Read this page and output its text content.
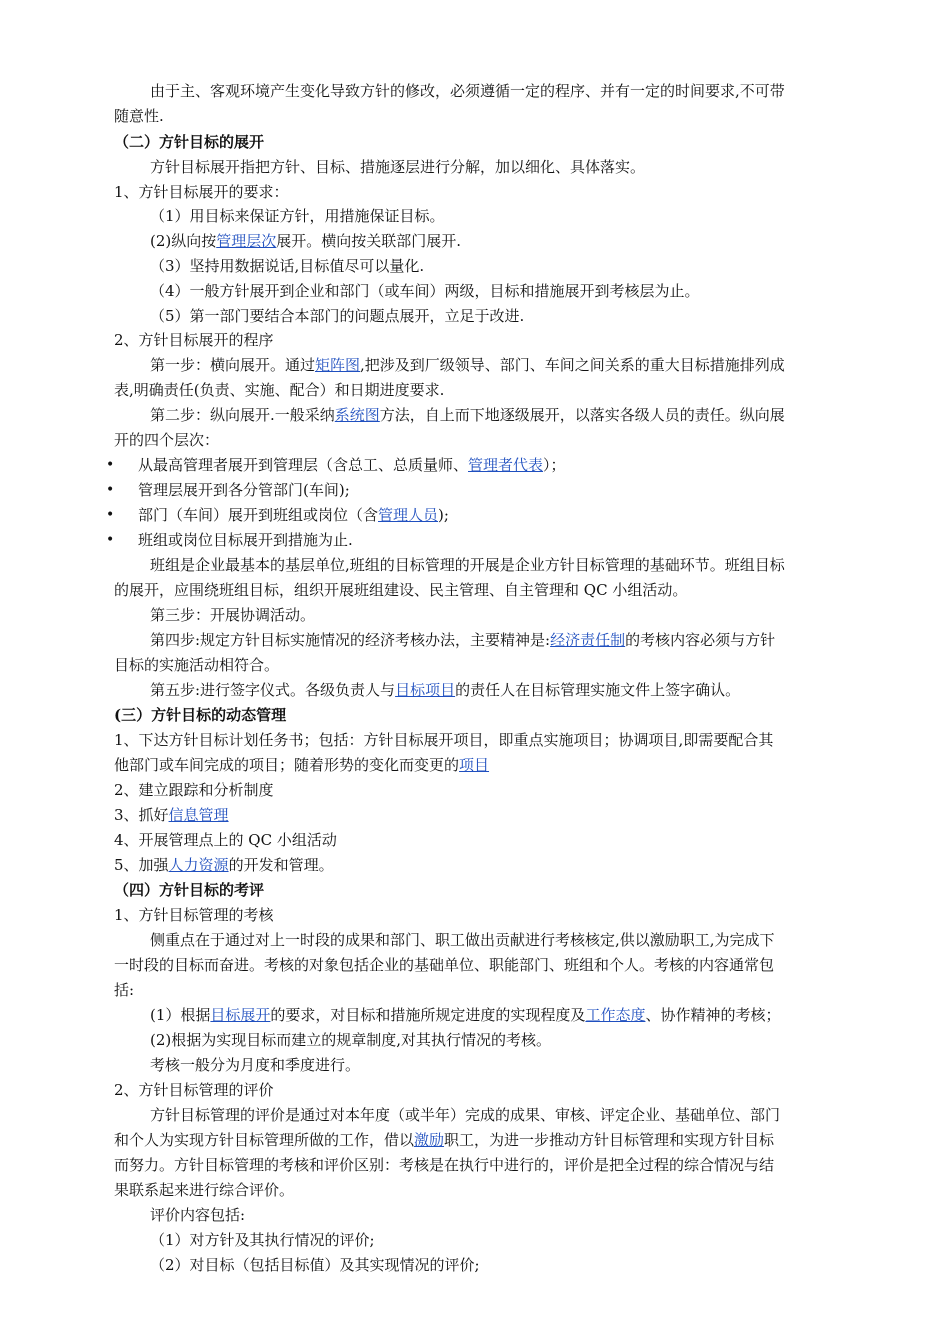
由于主、客观环境产生变化导致方针的修改，必须遵循一定的程序、并有一定的时间要求,不可带
随意性.
（二）方针目标的展开
方针目标展开指把方针、目标、措施逐层进行分解，加以细化、具体落实。
1、方针目标展开的要求：
（1）用目标来保证方针，用措施保证目标。
(2)纵向按管理层次展开。横向按关联部门展开.
（3）坚持用数据说话,目标值尽可以量化.
（4）一般方针展开到企业和部门（或车间）两级，目标和措施展开到考核层为止。
（5）第一部门要结合本部门的问题点展开，立足于改进.
2、方针目标展开的程序
第一步：横向展开。通过矩阵图,把涉及到厂级领导、部门、车间之间关系的重大目标措施排列成
表,明确责任(负责、实施、配合）和日期进度要求.
第二步：纵向展开.一般采纳系统图方法，自上而下地逐级展开，以落实各级人员的责任。纵向展
开的四个层次：
• 从最高管理者展开到管理层（含总工、总质量师、管理者代表）；
• 管理层展开到各分管部门(车间);
• 部门（车间）展开到班组或岗位（含管理人员);
• 班组或岗位目标展开到措施为止.
班组是企业最基本的基层单位,班组的目标管理的开展是企业方针目标管理的基础环节。班组目标
的展开，应围绕班组目标，组织开展班组建设、民主管理、自主管理和 QC 小组活动。
第三步：开展协调活动。
第四步:规定方针目标实施情况的经济考核办法，主要精神是:经济责任制的考核内容必须与方针
目标的实施活动相符合。
第五步:进行签字仪式。各级负责人与目标项目的责任人在目标管理实施文件上签字确认。
(三）方针目标的动态管理
1、下达方针目标计划任务书；包括：方针目标展开项目，即重点实施项目；协调项目,即需要配合其
他部门或车间完成的项目；随着形势的变化而变更的项目
2、建立跟踪和分析制度
3、抓好信息管理
4、开展管理点上的 QC 小组活动
5、加强人力资源的开发和管理。
（四）方针目标的考评
1、方针目标管理的考核
侧重点在于通过对上一时段的成果和部门、职工做出贡献进行考核核定,供以激励职工,为完成下
一时段的目标而奋进。考核的对象包括企业的基础单位、职能部门、班组和个人。考核的内容通常包
括:
(1）根据目标展开的要求，对目标和措施所规定进度的实现程度及工作态度、协作精神的考核；
(2)根据为实现目标而建立的规章制度,对其执行情况的考核。
考核一般分为月度和季度进行。
2、方针目标管理的评价
方针目标管理的评价是通过对本年度（或半年）完成的成果、审核、评定企业、基础单位、部门
和个人为实现方针目标管理所做的工作，借以激励职工，为进一步推动方针目标管理和实现方针目标
而努力。方针目标管理的考核和评价区别：考核是在执行中进行的，评价是把全过程的综合情况与结
果联系起来进行综合评价。
评价内容包括:
（1）对方针及其执行情况的评价;
（2）对目标（包括目标值）及其实现情况的评价;
